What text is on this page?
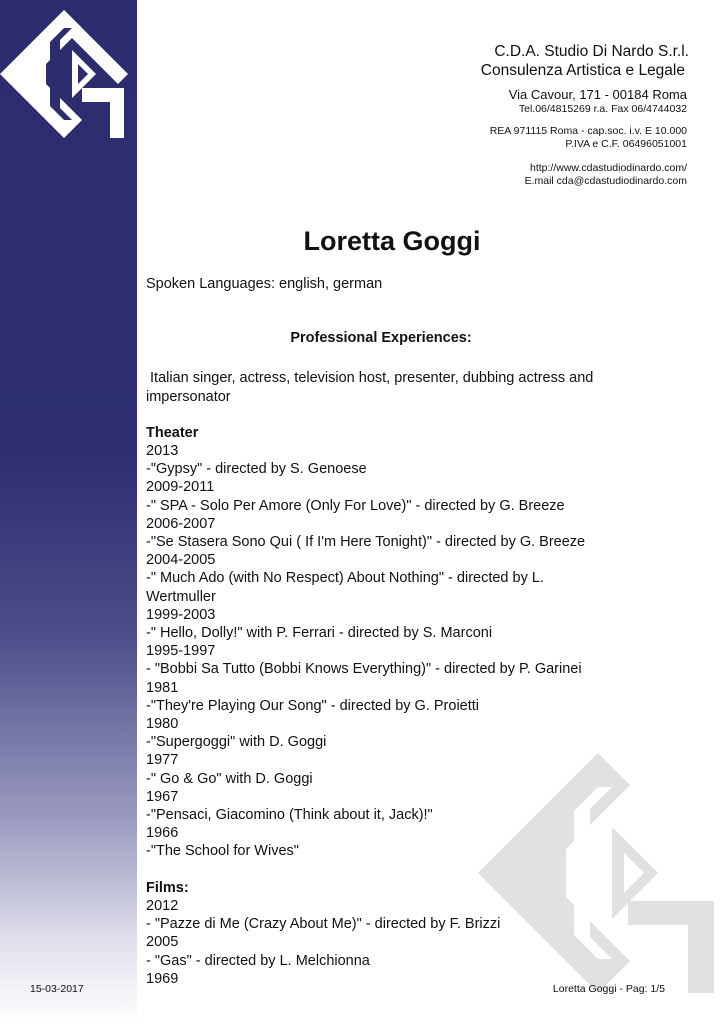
C.D.A. Studio Di Nardo S.r.l.
Consulenza Artistica e Legale
Via Cavour, 171 - 00184 Roma
Tel.06/4815269 r.a. Fax 06/4744032
REA 971115 Roma - cap.soc. i.v. E 10.000
P.IVA e C.F. 06496051001
http://www.cdastudiodinardo.com/
E.mail cda@cdastudiodinardo.com
Loretta Goggi

Spoken Languages: english, german

Professional Experiences:

Italian singer, actress, television host, presenter, dubbing actress and impersonator

Theater

2013

-"Gypsy" - directed by S. Genoese

2009-2011

-" SPA - Solo Per Amore (Only For Love)" - directed by G. Breeze

2006-2007

-"Se Stasera Sono Qui ( If I'm Here Tonight)" - directed by G. Breeze

2004-2005

-" Much Ado (with No Respect) About Nothing" - directed by L. Wertmuller

1999-2003

-" Hello, Dolly!" with P. Ferrari - directed by S. Marconi

1995-1997

- "Bobbi Sa Tutto (Bobbi Knows Everything)" - directed by P. Garinei

1981

-"They're Playing Our Song" - directed by G. Proietti

1980

-"Supergoggi" with D. Goggi

1977

-" Go & Go" with D. Goggi

1967

-"Pensaci, Giacomino (Think about it, Jack)!"

1966

-"The School for Wives"

Films:

2012

- "Pazze di Me (Crazy About Me)" - directed by F. Brizzi

2005

- "Gas" - directed by L. Melchionna

1969

15-03-2017	Loretta Goggi - Pag: 1/5
